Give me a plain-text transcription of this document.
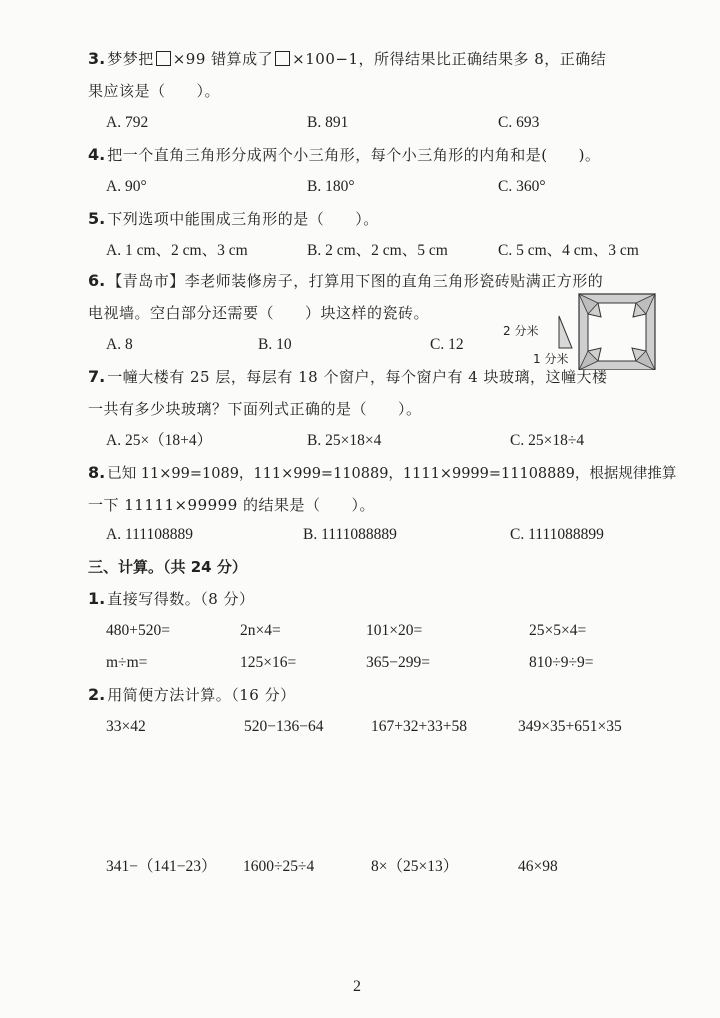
3. 梦梦把 ×99 错算成了 ×100−1，所得结果比正确结果多 8，正确结
果应该是（　　）。
A. 792	B. 891	C. 693
4. 把一个直角三角形分成两个小三角形，每个小三角形的内角和是(　　)。
A. 90°	B. 180°	C. 360°
5. 下列选项中能围成三角形的是（　　）。
A. 1 cm、2 cm、3 cm	B. 2 cm、2 cm、5 cm	C. 5 cm、4 cm、3 cm
6. 【青岛市】李老师装修房子，打算用下图的直角三角形瓷砖贴满正方形的
电视墙。空白部分还需要（　　）块这样的瓷砖。
A. 8	B. 10	C. 12
2 分米
1 分米
7. 一幢大楼有 25 层，每层有 18 个窗户，每个窗户有 4 块玻璃，这幢大楼
一共有多少块玻璃？下面列式正确的是（　　）。
A. 25×（18+4）	B. 25×18×4	C. 25×18÷4
8. 已知 11×99=1089，111×999=110889，1111×9999=11108889，根据规律推算
一下 11111×99999 的结果是（　　）。
A. 111108889	B. 1111088889	C. 1111088899
三、计算。（共 24 分）
1. 直接写得数。（8 分）
480+520=	2n×4=	101×20=	25×5×4=
m÷m=	125×16=	365−299=	810÷9÷9=
2. 用简便方法计算。（16 分）
33×42	520−136−64	167+32+33+58	349×35+651×35
341−（141−23） 1600÷25÷4	8×（25×13）	46×98
2
